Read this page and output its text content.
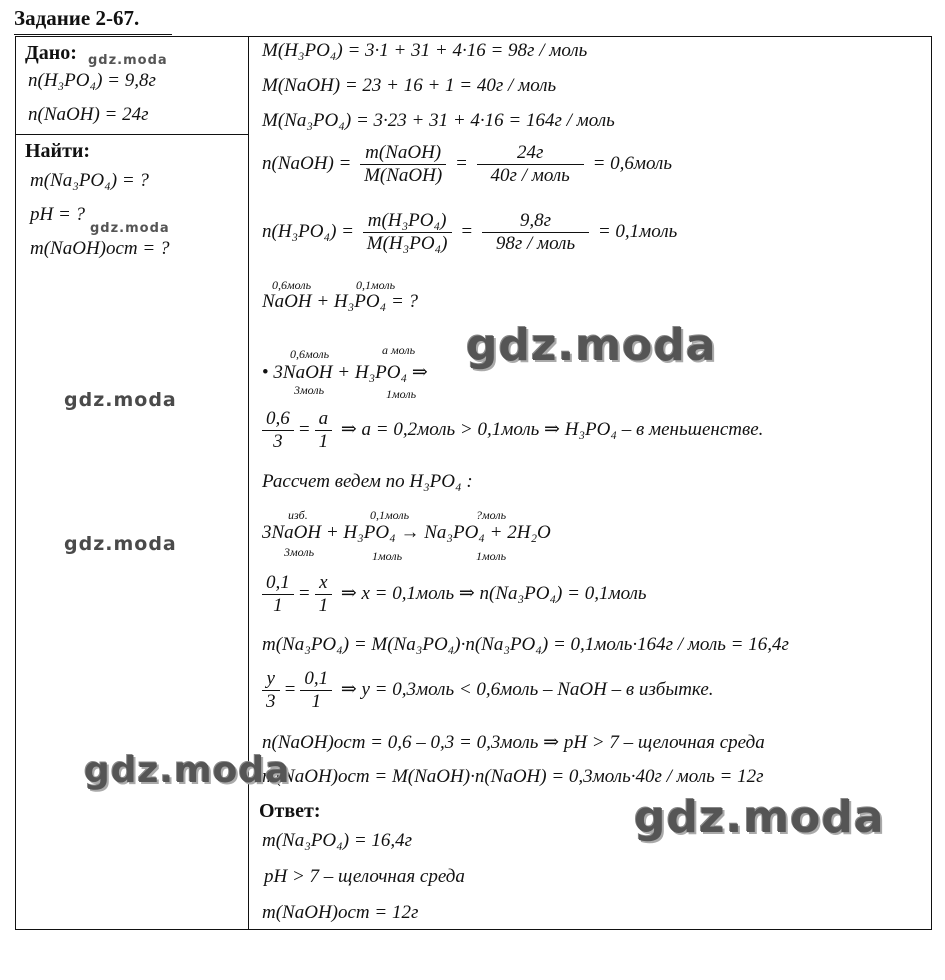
Задание 2-67.
Дано:
n(H₃PO₄) = 9,8г
n(NaOH) = 24г
Найти:
m(Na₃PO₄) = ?
pH = ?
m(NaOH)ост = ?
M(H₃PO₄) = 3·1 + 31 + 4·16 = 98г / моль
M(NaOH) = 23 + 16 + 1 = 40г / моль
M(Na₃PO₄) = 3·23 + 31 + 4·16 = 164г / моль
n(NaOH) = $\frac{\text{m(NaOH)}}{\text{M(NaOH)}} = \frac{24г}{\text{40г / моль}}$ = 0,6моль
$n(H_3PO_4) = \frac{\text{m(H₃PO₄)}}{\text{M(H₃PO₄)}} = \frac{9,8г}{\text{98г / моль}}$ = 0,1моль
0,6моль	0,1моль
NaOH + H₃PO₄ = ?
0,6моль	а моль
• 3NaOH + H₃PO₄ ⇒
3моль	1моль
$\frac{0,6}{3} = \frac{a}{1}$ ⇒ a = 0,2моль > 0,1моль ⇒ H₃PO₄ – в меньшенстве.
Рассчет ведем по H₃PO₄ :
изб.	0,1моль	?моль
3NaOH + H₃PO₄ → Na₃PO₄ + 2H₂O
3моль	1моль	1моль
$\frac{0,1}{1} = \frac{x}{1}$ ⇒ x = 0,1моль ⇒ n(Na₃PO₄) = 0,1моль
m(Na₃PO₄) = M(Na₃PO₄)·n(Na₃PO₄) = 0,1моль·164г / моль = 16,4г
$\frac{y}{3} = \frac{0,1}{1}$ ⇒ y = 0,3моль < 0,6моль – NaOH – в избытке.
n(NaOH)ост = 0,6 – 0,3 = 0,3моль ⇒ pH > 7 – щелочная среда
m(NaOH)ост = M(NaOH)·n(NaOH) = 0,3моль·40г / моль = 12г
Ответ:
m(Na₃PO₄) = 16,4г
pH > 7 – щелочная среда
m(NaOH)ост = 12г
gdz.moda
gdz.moda
gdz.moda
gdz.moda
gdz.moda
gdz.moda
gdz.moda
